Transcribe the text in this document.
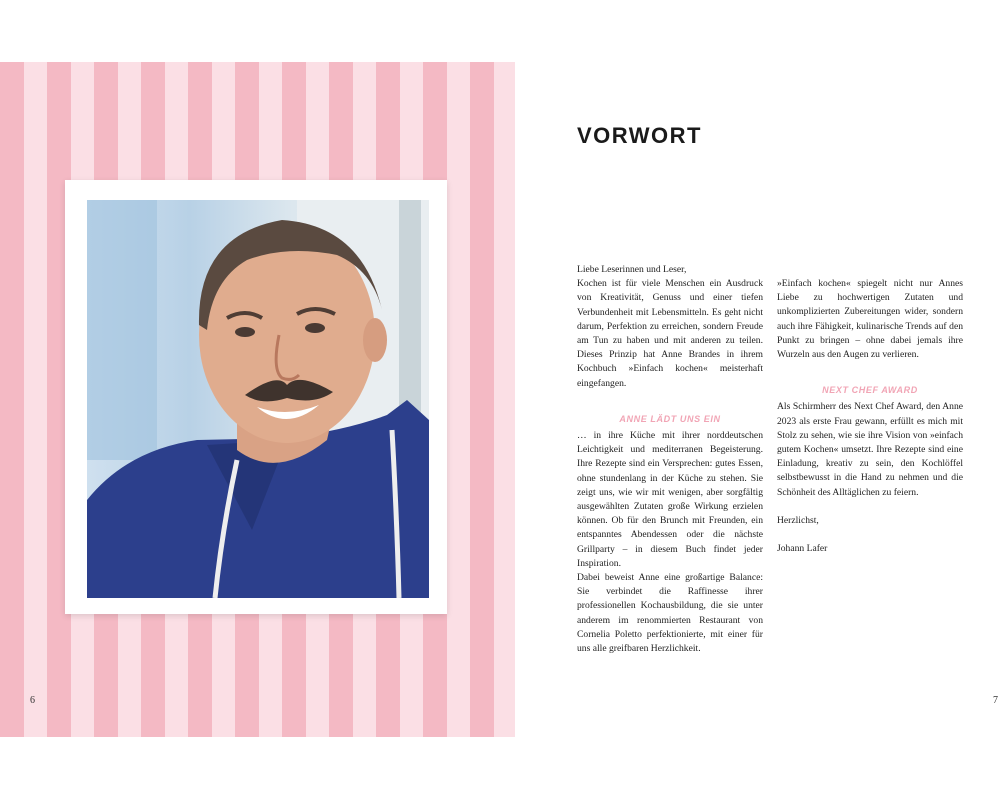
6	7
VORWORT

Liebe Leserinnen und Leser,

Kochen ist für viele Menschen ein Ausdruck von Kreativität, Genuss und einer tiefen Verbundenheit mit Lebensmitteln. Es geht nicht darum, Perfektion zu erreichen, sondern Freude am Tun zu haben und mit anderen zu teilen. Dieses Prinzip hat Anne Brandes in ihrem Kochbuch »Einfach kochen« meisterhaft eingefangen.

ANNE LÄDT UNS EIN

… in ihre Küche mit ihrer norddeutschen Leichtigkeit und mediterranen Begeisterung. Ihre Rezepte sind ein Versprechen: gutes Essen, ohne stundenlang in der Küche zu stehen. Sie zeigt uns, wie wir mit wenigen, aber sorgfältig ausgewählten Zutaten große Wirkung erzielen können. Ob für den Brunch mit Freunden, ein entspanntes Abendessen oder die nächste Grillparty – in diesem Buch findet jeder Inspiration.

Dabei beweist Anne eine großartige Balance: Sie verbindet die Raffinesse ihrer professionellen Kochausbildung, die sie unter anderem im renommierten Restaurant von Cornelia Poletto perfektionierte, mit einer für uns alle greifbaren Herzlichkeit.

»Einfach kochen« spiegelt nicht nur Annes Liebe zu hochwertigen Zutaten und unkomplizierten Zubereitungen wider, sondern auch ihre Fähigkeit, kulinarische Trends auf den Punkt zu bringen – ohne dabei jemals ihre Wurzeln aus den Augen zu verlieren.

NEXT CHEF AWARD

Als Schirmherr des Next Chef Award, den Anne 2023 als erste Frau gewann, erfüllt es mich mit Stolz zu sehen, wie sie ihre Vision von »einfach gutem Kochen« umsetzt. Ihre Rezepte sind eine Einladung, kreativ zu sein, den Kochlöffel selbstbewusst in die Hand zu nehmen und die Schönheit des Alltäglichen zu feiern.

Herzlichst,

Johann Lafer
